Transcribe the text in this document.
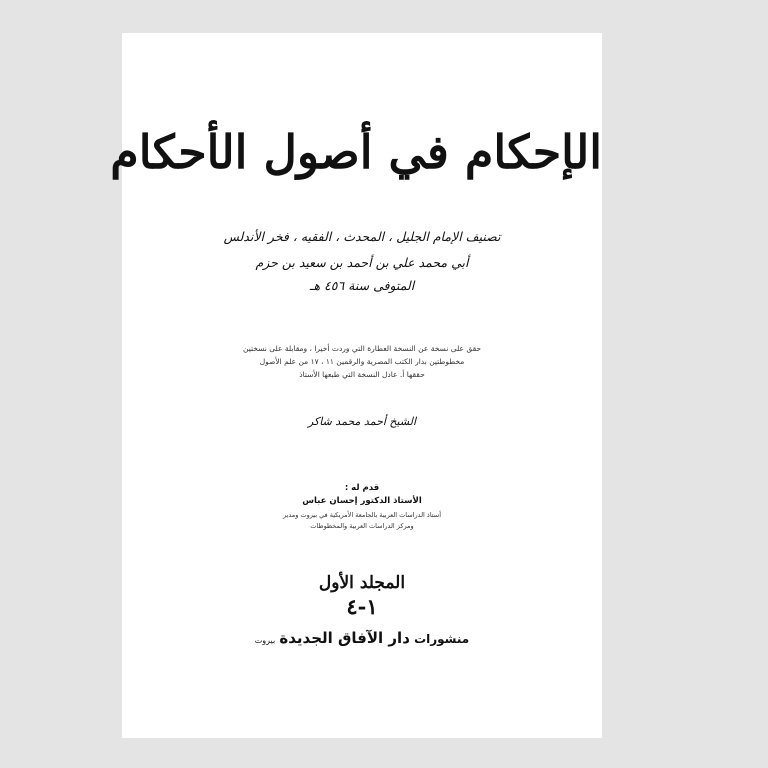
الإحكام في أصول الأحكام
تصنيف الإمام الجليل ، المحدث ، الفقيه ، فخر الأندلس
أبي محمد علي بن أحمد بن سعيد بن حزم
المتوفى سنة ٤٥٦ هـ
حقق على نسخة عن النسخة العطارة التي وردت أخيرا ، ومقابلة على نسختين
مخطوطتين بدار الكتب المصرية والرقمين ١١ ، ١٧ من علم الأصول
حققها أ. عادل النسخة التي طبعها الأستاذ
الشيخ أحمد محمد شاكر
قدم له :
الأستاذ الدكتور إحسان عباس
أستاذ الدراسات العربية بالجامعة الأمريكية في بيروت ومدير
ومركز الدراسات العربية والمخطوطات
المجلد الأول
١-٤
منشورات دار الآفاق الجديدة بيروت
